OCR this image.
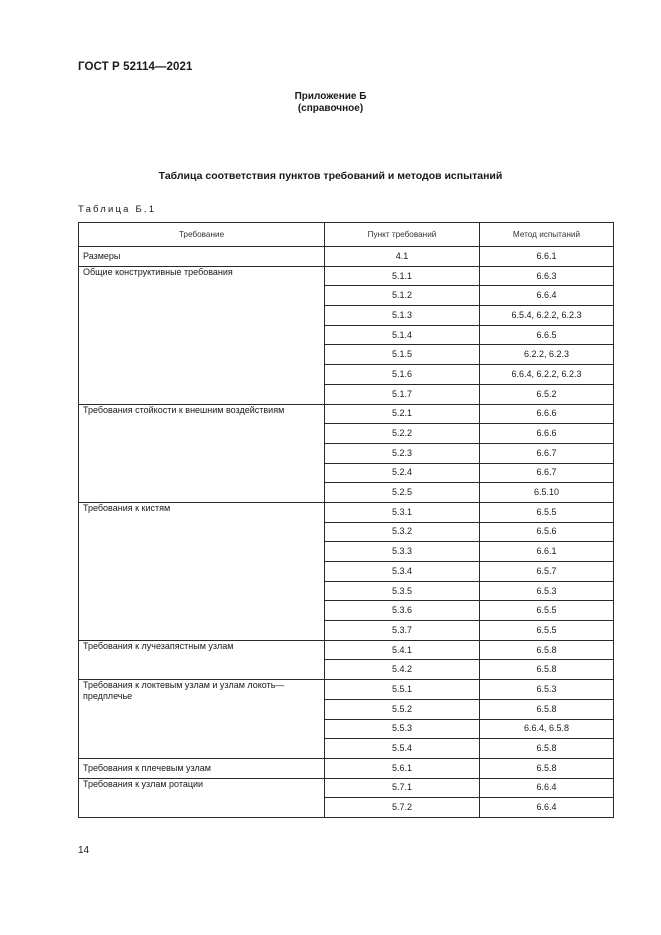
ГОСТ Р 52114—2021
Приложение Б
(справочное)
Таблица соответствия пунктов требований и методов испытаний
Таблица Б.1
Требование	Пункт требований	Метод испытаний
Размеры	4.1	6.6.1
Общие конструктивные требования	5.1.1	6.6.3
	5.1.2	6.6.4
	5.1.3	6.5.4, 6.2.2, 6.2.3
	5.1.4	6.6.5
	5.1.5	6.2.2, 6.2.3
	5.1.6	6.6.4, 6.2.2, 6.2.3
	5.1.7	6.5.2
Требования стойкости к внешним воздействиям	5.2.1	6.6.6
	5.2.2	6.6.6
	5.2.3	6.6.7
	5.2.4	6.6.7
	5.2.5	6.5.10
Требования к кистям	5.3.1	6.5.5
	5.3.2	6.5.6
	5.3.3	6.6.1
	5.3.4	6.5.7
	5.3.5	6.5.3
	5.3.6	6.5.5
	5.3.7	6.5.5
Требования к лучезапястным узлам	5.4.1	6.5.8
	5.4.2	6.5.8
Требования к локтевым узлам и узлам локоть—предплечье	5.5.1	6.5.3
	5.5.2	6.5.8
	5.5.3	6.6.4, 6.5.8
	5.5.4	6.5.8
Требования к плечевым узлам	5.6.1	6.5.8
Требования к узлам ротации	5.7.1	6.6.4
	5.7.2	6.6.4
14
